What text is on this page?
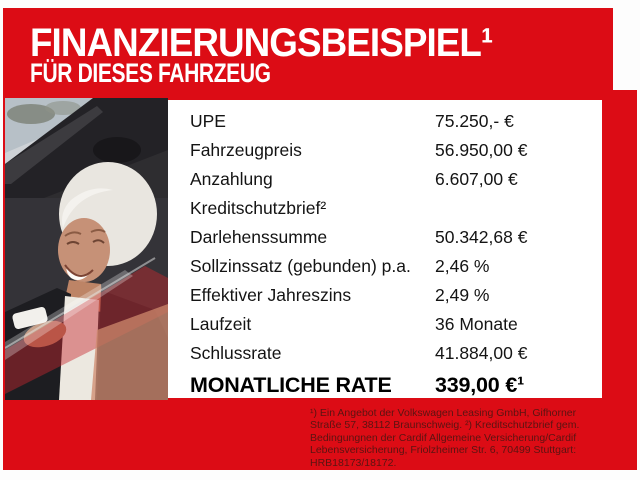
FINANZIERUNGSBEISPIEL¹
FÜR DIESES FAHRZEUG
UPE	75.250,- €
Fahrzeugpreis	56.950,00 €
Anzahlung	6.607,00 €
Kreditschutzbrief²
Darlehenssumme	50.342,68 €
Sollzinssatz (gebunden) p.a.	2,46 %
Effektiver Jahreszins	2,49 %
Laufzeit	36 Monate
Schlussrate	41.884,00 €
MONATLICHE RATE	339,00 €¹
¹) Ein Angebot der Volkswagen Leasing GmbH, Gifhorner Straße 57, 38112 Braunschweig. ²) Kreditschutzbrief gem. Bedingungnen der Cardif Allgemeine Versicherung/Cardif Lebensversicherung, Friolzheimer Str. 6, 70499 Stuttgart: HRB18173/18172.
